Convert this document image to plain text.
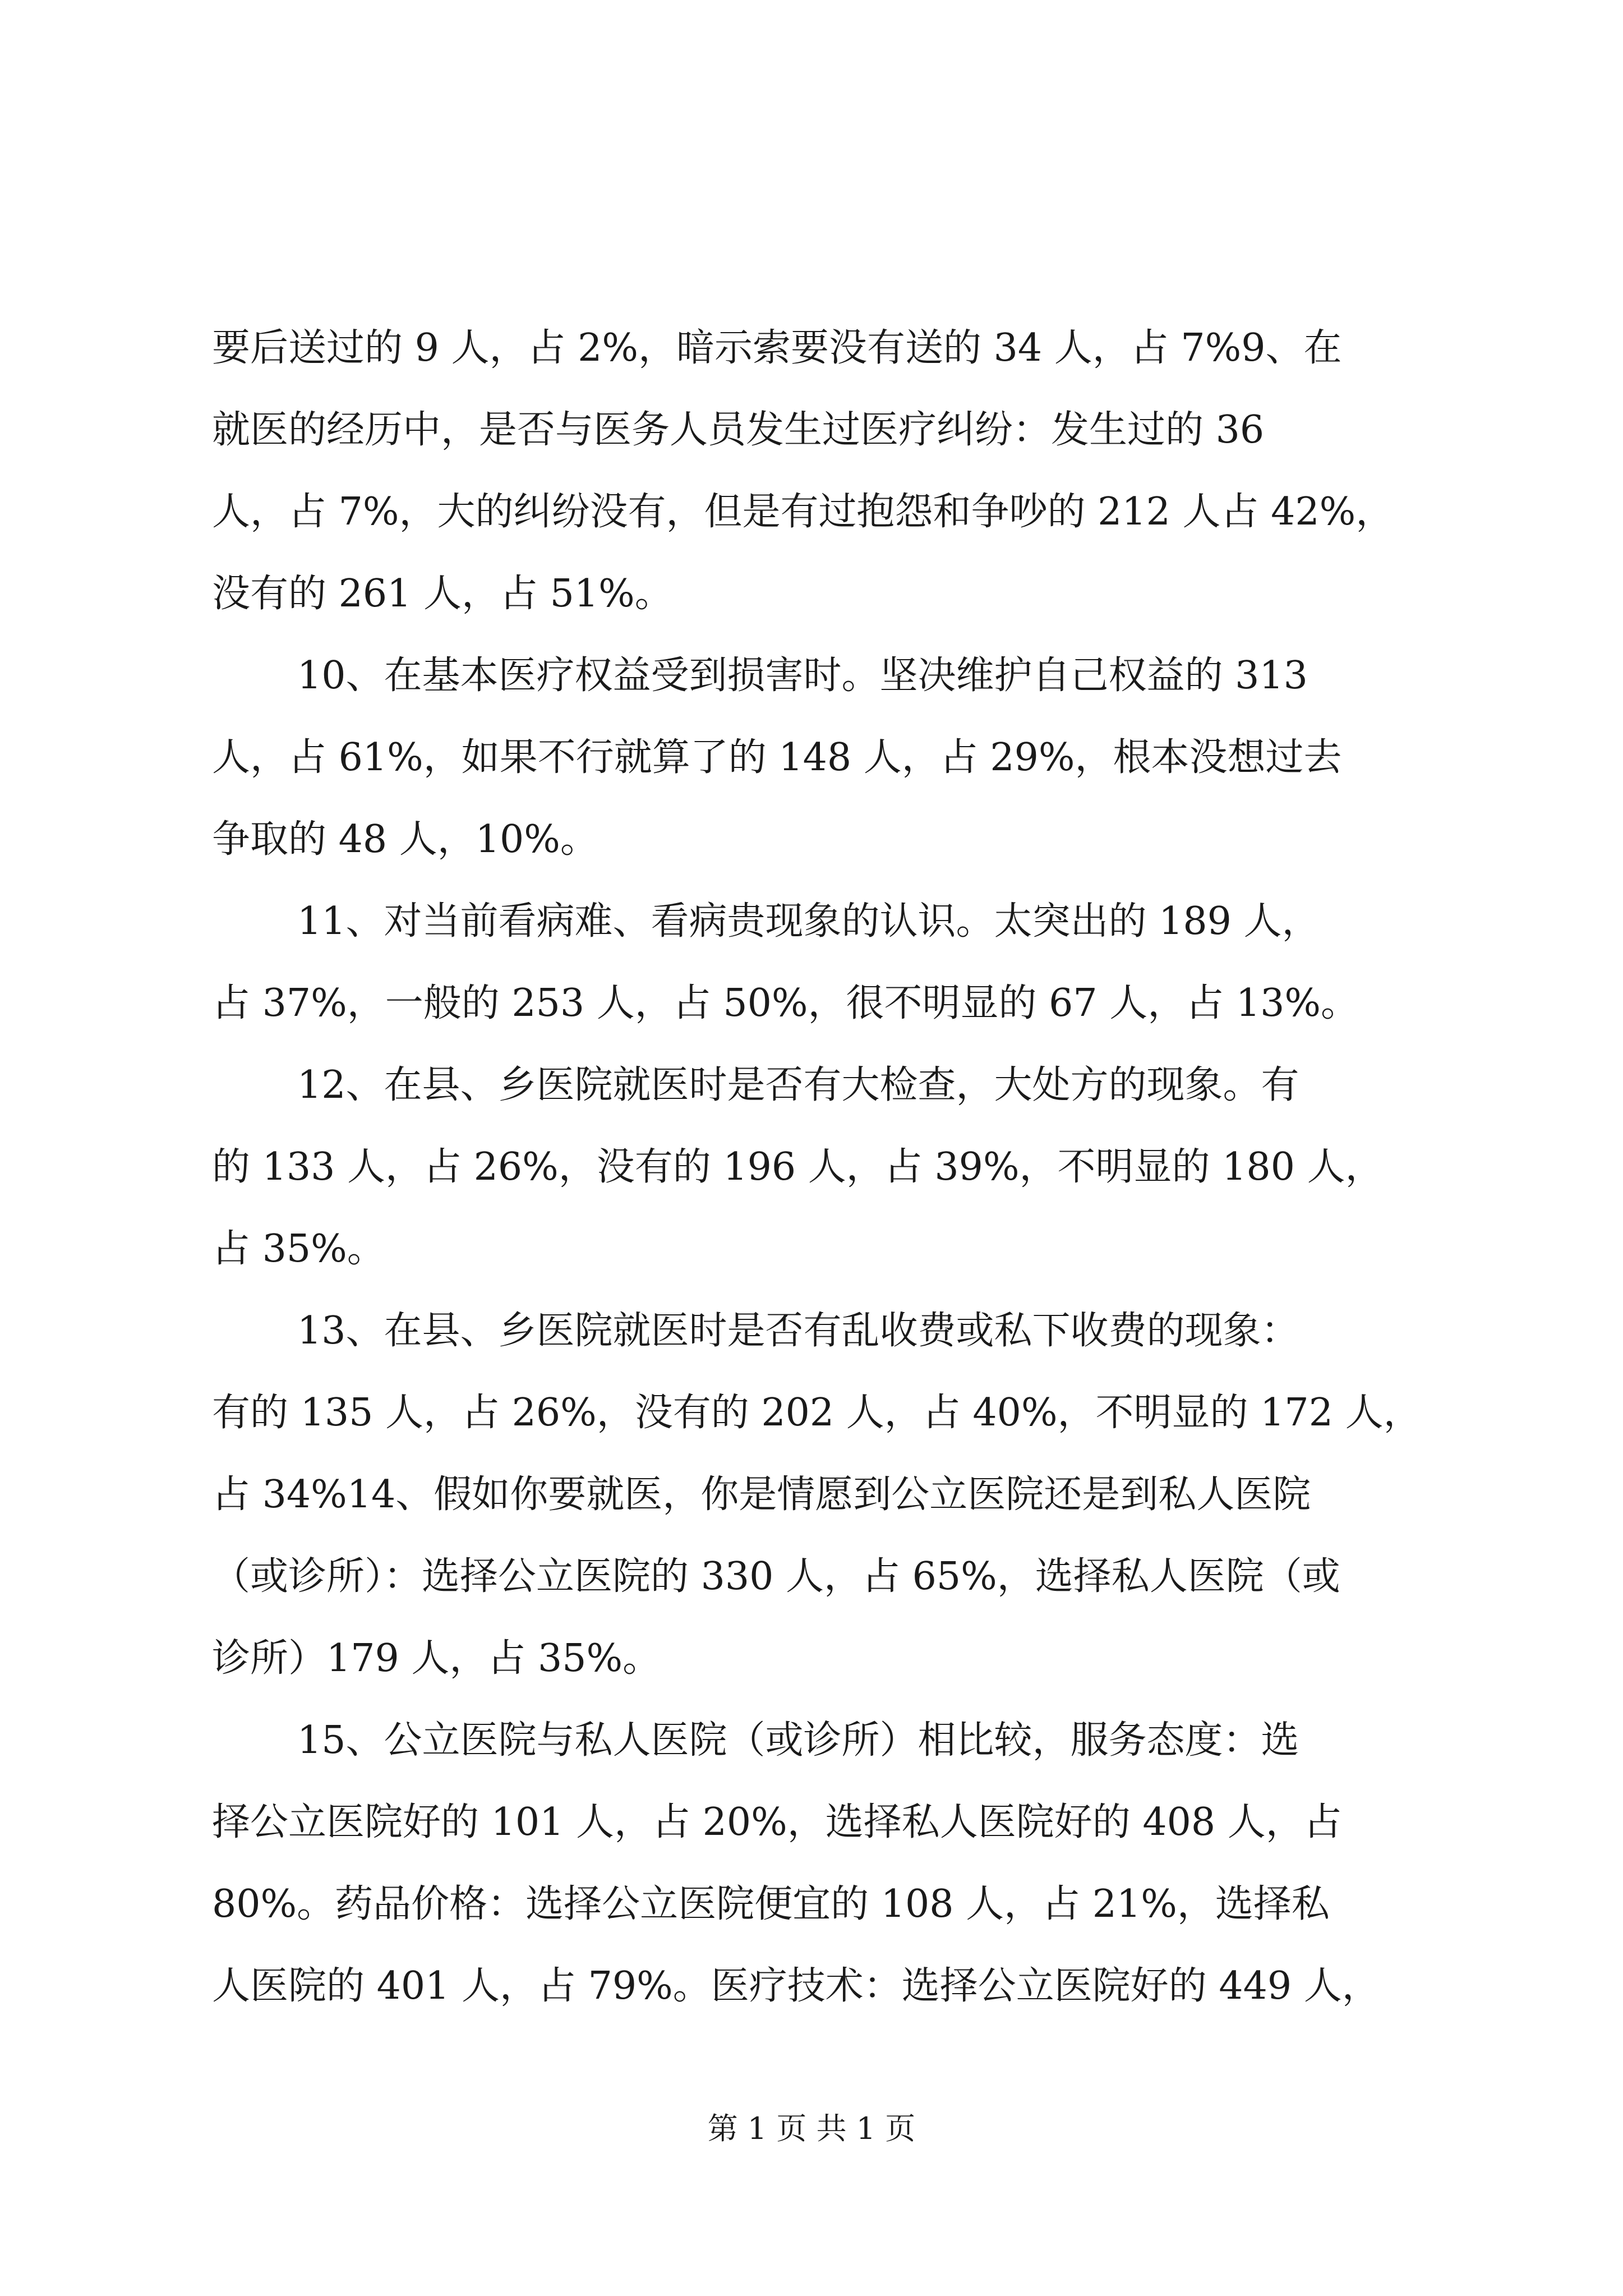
要后送过的 9 人，占 2%，暗示索要没有送的 34 人，占 7%9、在
就医的经历中，是否与医务人员发生过医疗纠纷：发生过的 36
人，占 7%，大的纠纷没有，但是有过抱怨和争吵的 212 人占 42%，
没有的 261 人，占 51%。
10、在基本医疗权益受到损害时。坚决维护自己权益的 313
人，占 61%，如果不行就算了的 148 人，占 29%，根本没想过去
争取的 48 人，10%。
11、对当前看病难、看病贵现象的认识。太突出的 189 人，
占 37%，一般的 253 人，占 50%，很不明显的 67 人，占 13%。
12、在县、乡医院就医时是否有大检查，大处方的现象。有
的 133 人，占 26%，没有的 196 人，占 39%，不明显的 180 人，
占 35%。
13、在县、乡医院就医时是否有乱收费或私下收费的现象：
有的 135 人，占 26%，没有的 202 人，占 40%，不明显的 172 人，
占 34%14、假如你要就医，你是情愿到公立医院还是到私人医院
（或诊所）：选择公立医院的 330 人，占 65%，选择私人医院（或
诊所）179 人，占 35%。
15、公立医院与私人医院（或诊所）相比较，服务态度：选
择公立医院好的 101 人，占 20%，选择私人医院好的 408 人，占
80%。药品价格：选择公立医院便宜的 108 人，占 21%，选择私
人医院的 401 人，占 79%。医疗技术：选择公立医院好的 449 人，
第 1 页 共 1 页
